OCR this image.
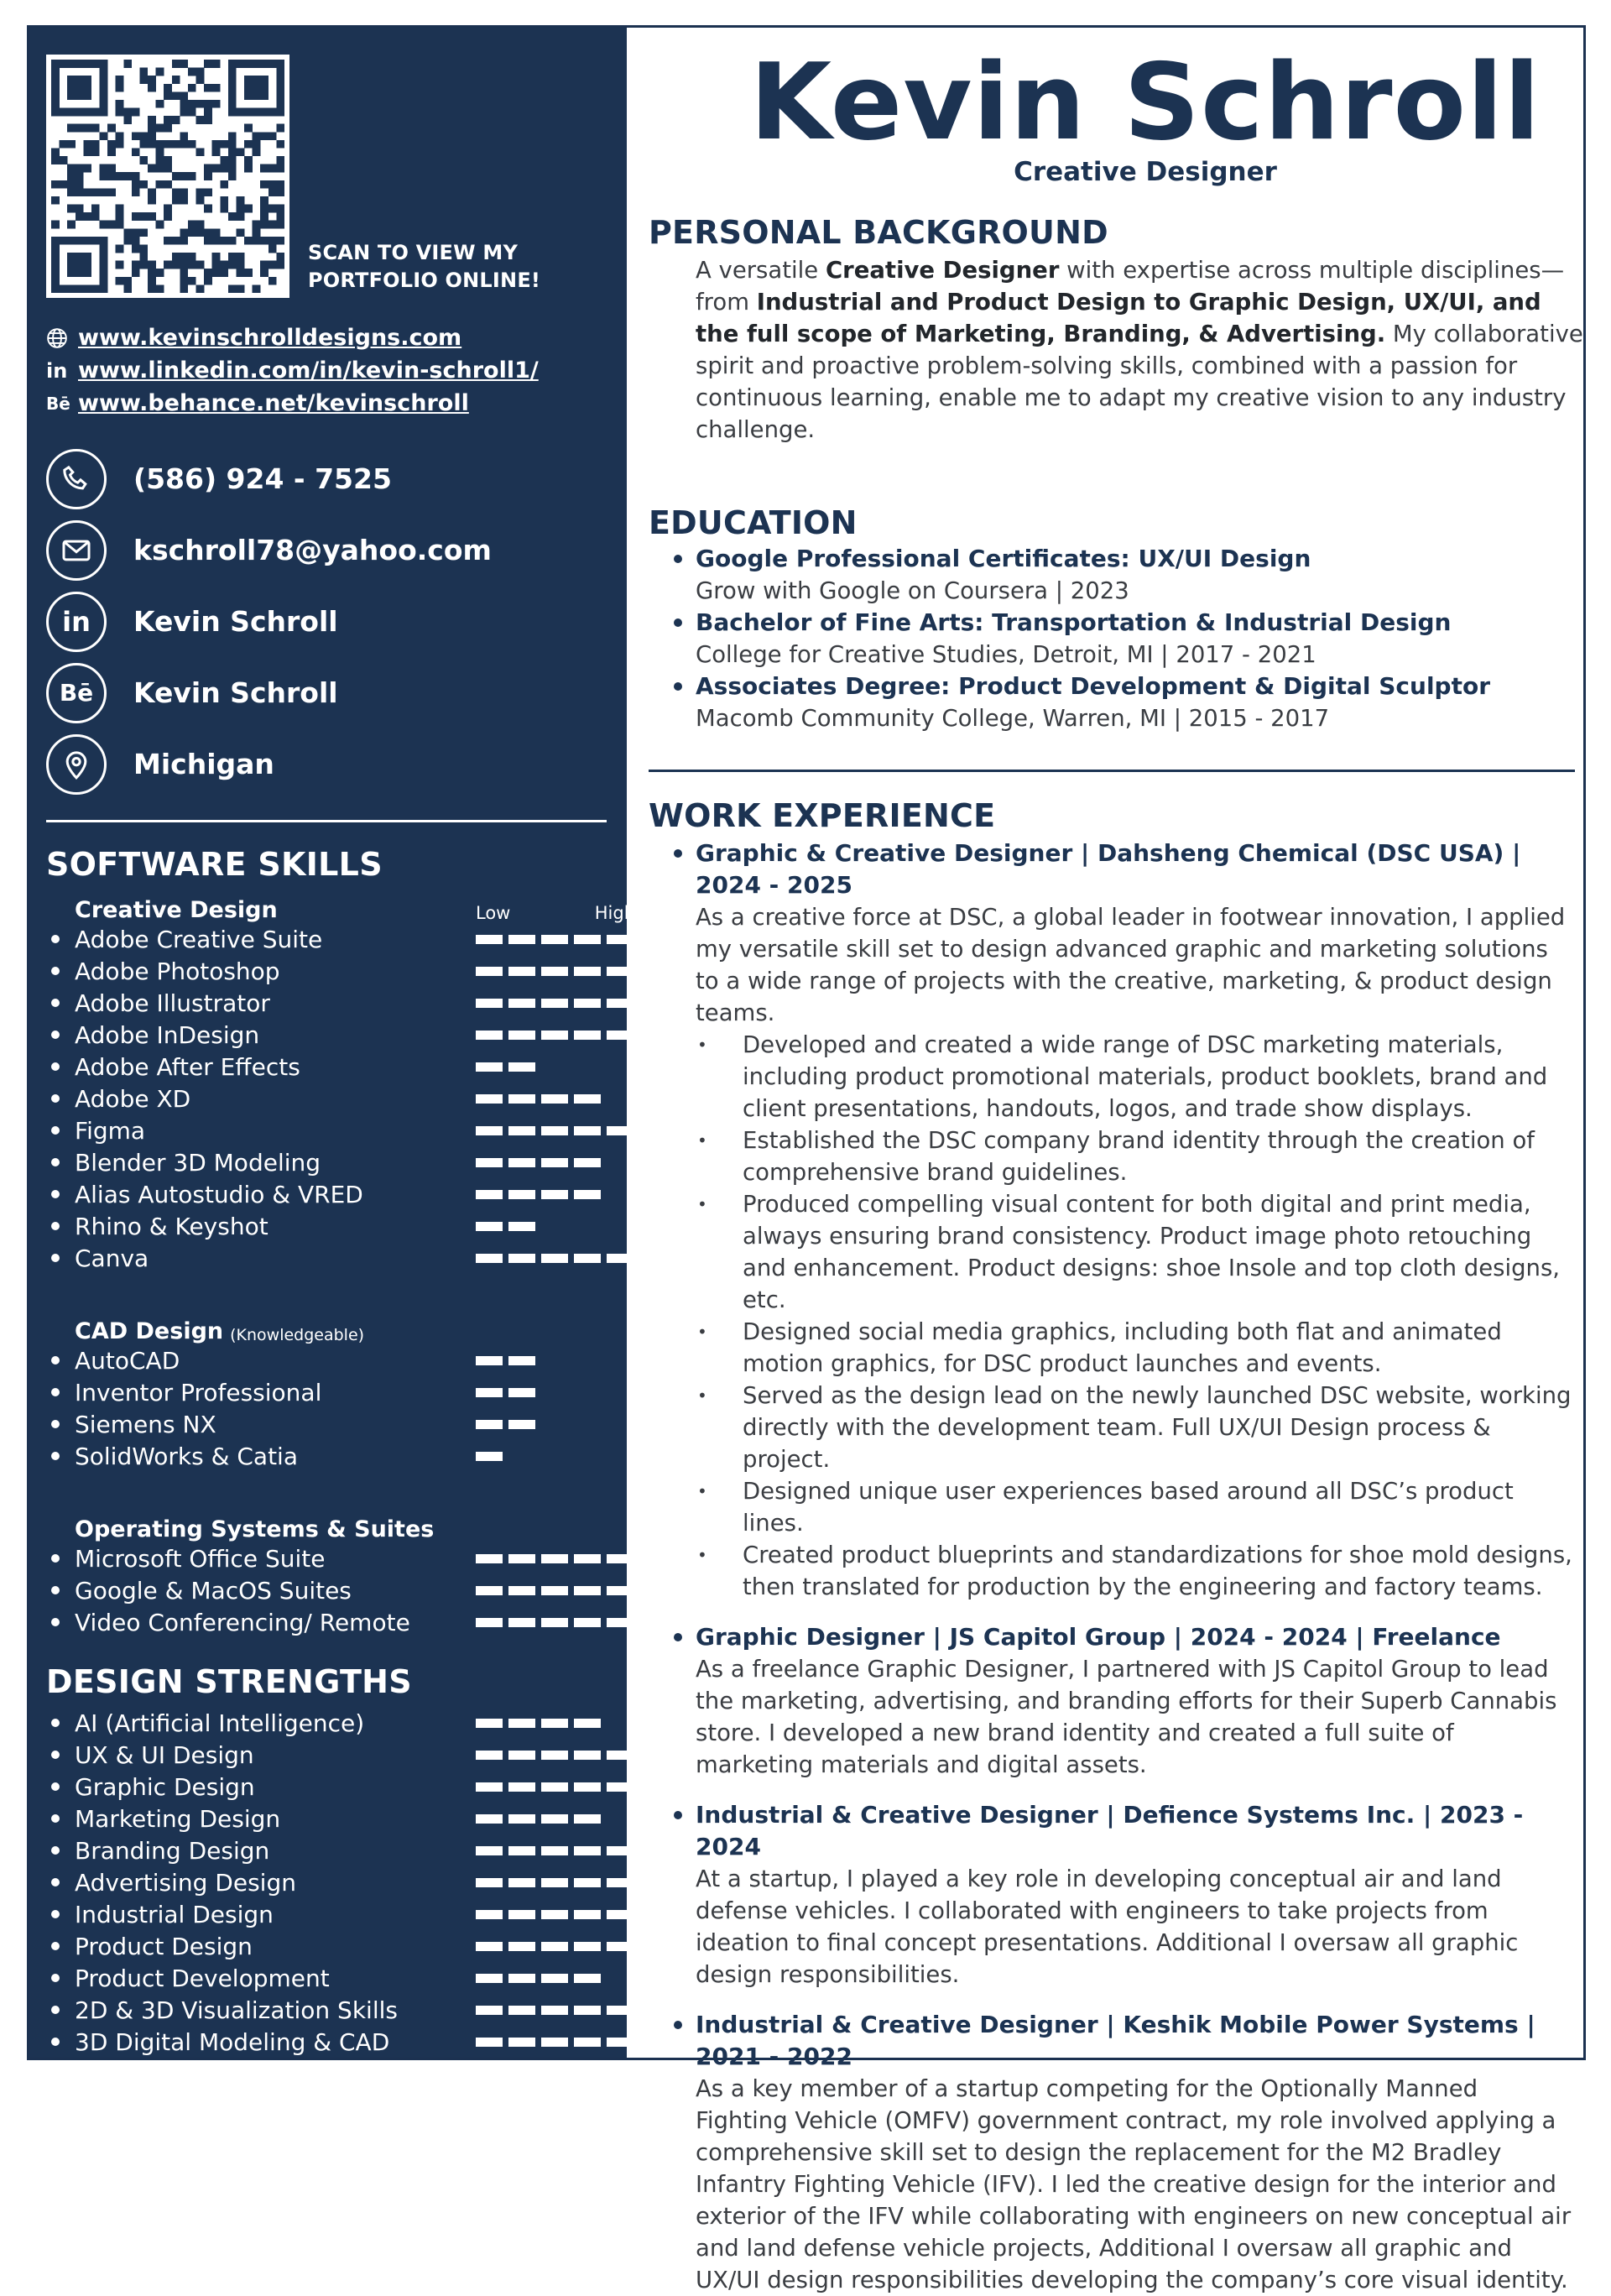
SCAN TO VIEW MY
PORTFOLIO ONLINE!
www.kevinschrolldesigns.com
in www.linkedin.com/in/kevin-schroll1/
Bē www.behance.net/kevinschroll
(586) 924 - 7525
kschroll78@yahoo.com
in Kevin Schroll
Bē Kevin Schroll
Michigan
SOFTWARE SKILLS
Creative Design	Low	High
Adobe Creative Suite
Adobe Photoshop
Adobe Illustrator
Adobe InDesign
Adobe After Effects
Adobe XD
Figma
Blender 3D Modeling
Alias Autostudio & VRED
Rhino & Keyshot
Canva
CAD Design (Knowledgeable)
AutoCAD
Inventor Professional
Siemens NX
SolidWorks & Catia
Operating Systems & Suites
Microsoft Office Suite
Google & MacOS Suites
Video Conferencing/ Remote
DESIGN STRENGTHS
AI (Artificial Intelligence)
UX & UI Design
Graphic Design
Marketing Design
Branding Design
Advertising Design
Industrial Design
Product Design
Product Development
2D & 3D Visualization Skills
3D Digital Modeling & CAD
Kevin Schroll
Creative Designer
PERSONAL BACKGROUND
A versatile Creative Designer with expertise across multiple disciplines—from Industrial and Product Design to Graphic Design, UX/UI, and the full scope of Marketing, Branding, & Advertising. My collaborative spirit and proactive problem-solving skills, combined with a passion for continuous learning, enable me to adapt my creative vision to any industry challenge.
EDUCATION
Google Professional Certificates: UX/UI Design
Grow with Google on Coursera | 2023
Bachelor of Fine Arts: Transportation & Industrial Design
College for Creative Studies, Detroit, MI | 2017 - 2021
Associates Degree: Product Development & Digital Sculptor
Macomb Community College, Warren, MI | 2015 - 2017
WORK EXPERIENCE
Graphic & Creative Designer | Dahsheng Chemical (DSC USA) | 2024 - 2025
As a creative force at DSC, a global leader in footwear innovation, I applied my versatile skill set to design advanced graphic and marketing solutions to a wide range of projects with the creative, marketing, & product design teams.
•	Developed and created a wide range of DSC marketing materials, including product promotional materials, product booklets, brand and client presentations, handouts, logos, and trade show displays.
•	Established the DSC company brand identity through the creation of comprehensive brand guidelines.
•	Produced compelling visual content for both digital and print media, always ensuring brand consistency. Product image photo retouching and enhancement. Product designs: shoe Insole and top cloth designs, etc.
•	Designed social media graphics, including both flat and animated motion graphics, for DSC product launches and events.
•	Served as the design lead on the newly launched DSC website, working directly with the development team. Full UX/UI Design process & project.
•	Designed unique user experiences based around all DSC’s product lines.
•	Created product blueprints and standardizations for shoe mold designs, then translated for production by the engineering and factory teams.
Graphic Designer | JS Capitol Group | 2024 - 2024 | Freelance
As a freelance Graphic Designer, I partnered with JS Capitol Group to lead the marketing, advertising, and branding efforts for their Superb Cannabis store. I developed a new brand identity and created a full suite of marketing materials and digital assets.
Industrial & Creative Designer | Defience Systems Inc. | 2023 - 2024
At a startup, I played a key role in developing conceptual air and land defense vehicles. I collaborated with engineers to take projects from ideation to final concept presentations. Additional I oversaw all graphic design responsibilities.
Industrial & Creative Designer | Keshik Mobile Power Systems | 2021 - 2022
As a key member of a startup competing for the Optionally Manned Fighting Vehicle (OMFV) government contract, my role involved applying a comprehensive skill set to design the replacement for the M2 Bradley Infantry Fighting Vehicle (IFV). I led the creative design for the interior and exterior of the IFV while collaborating with engineers on new conceptual air and land defense vehicle projects, Additional I oversaw all graphic and UX/UI design responsibilities developing the company’s core visual identity.
